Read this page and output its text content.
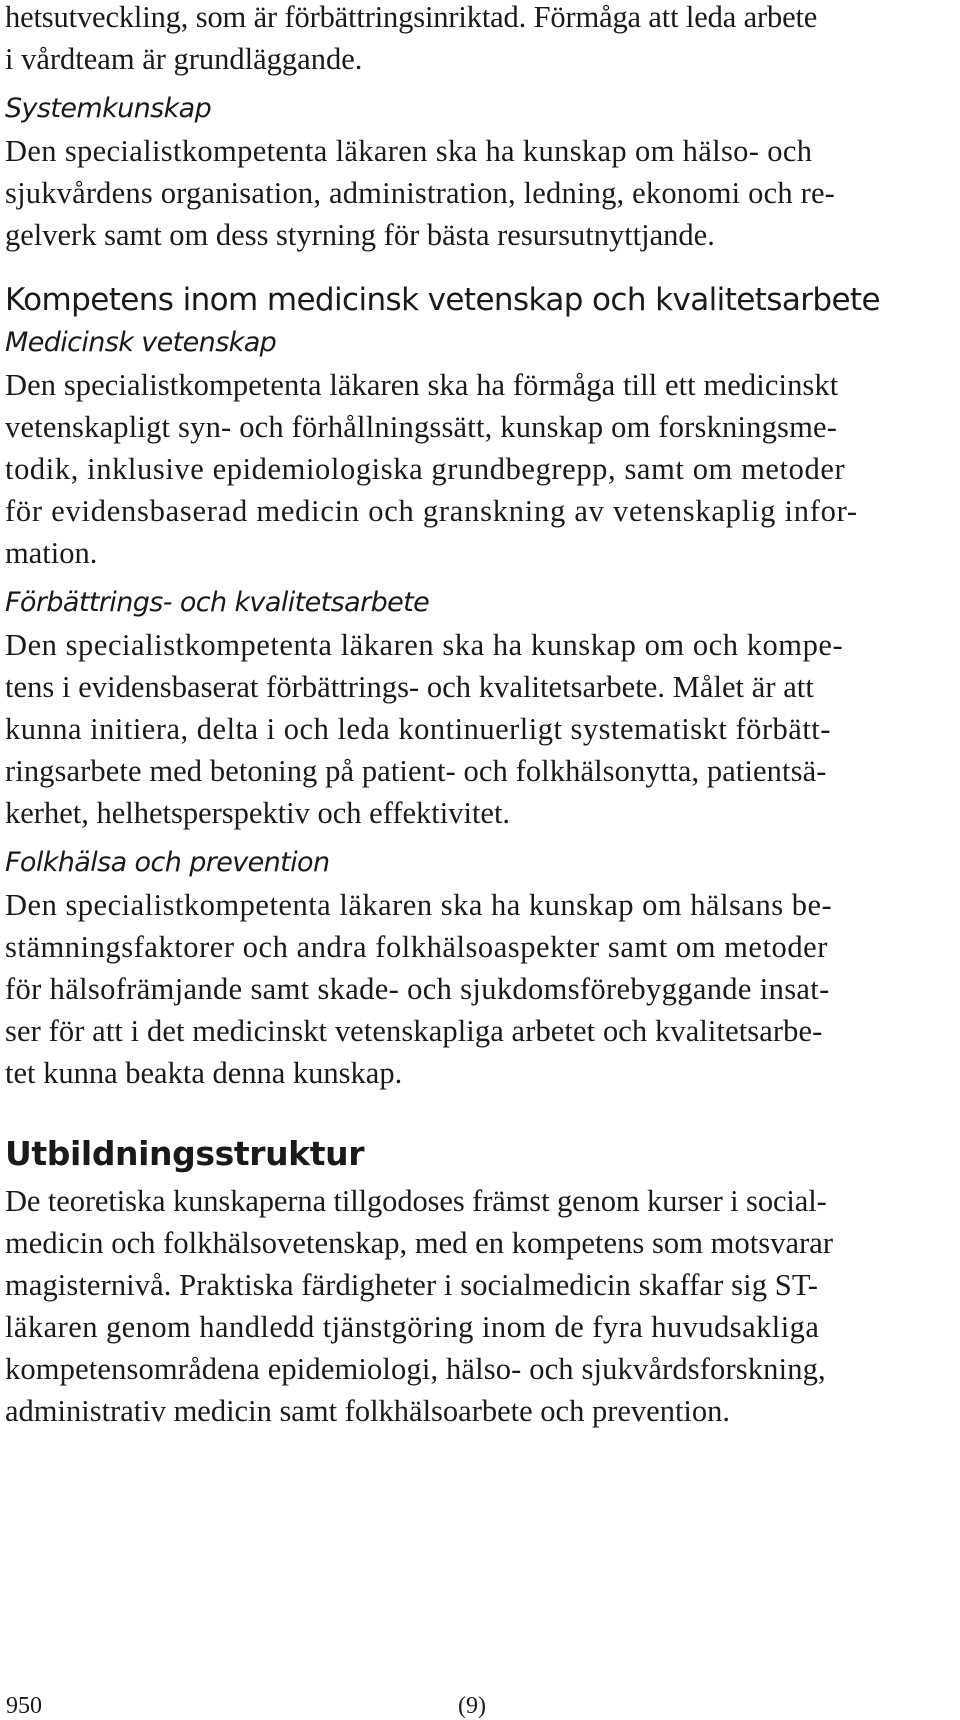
hetsutveckling, som är förbättringsinriktad. Förmåga att leda arbete
i vårdteam är grundläggande.
Systemkunskap
Den specialistkompetenta läkaren ska ha kunskap om hälso- och
sjukvårdens organisation, administration, ledning, ekonomi och re-
gelverk samt om dess styrning för bästa resursutnyttjande.
Kompetens inom medicinsk vetenskap och kvalitetsarbete
Medicinsk vetenskap
Den specialistkompetenta läkaren ska ha förmåga till ett medicinskt
vetenskapligt syn- och förhållningssätt, kunskap om forskningsme-
todik, inklusive epidemiologiska grundbegrepp, samt om metoder
för evidensbaserad medicin och granskning av vetenskaplig infor-
mation.
Förbättrings- och kvalitetsarbete
Den specialistkompetenta läkaren ska ha kunskap om och kompe-
tens i evidensbaserat förbättrings- och kvalitetsarbete. Målet är att
kunna initiera, delta i och leda kontinuerligt systematiskt förbätt-
ringsarbete med betoning på patient- och folkhälsonytta, patientsä-
kerhet, helhetsperspektiv och effektivitet.
Folkhälsa och prevention
Den specialistkompetenta läkaren ska ha kunskap om hälsans be-
stämningsfaktorer och andra folkhälsoaspekter samt om metoder
för hälsofrämjande samt skade- och sjukdomsförebyggande insat-
ser för att i det medicinskt vetenskapliga arbetet och kvalitetsarbe-
tet kunna beakta denna kunskap.
Utbildningsstruktur
De teoretiska kunskaperna tillgodoses främst genom kurser i social-
medicin och folkhälsovetenskap, med en kompetens som motsvarar
magisternivå. Praktiska färdigheter i socialmedicin skaffar sig ST-
läkaren genom handledd tjänstgöring inom de fyra huvudsakliga
kompetensområdena epidemiologi, hälso- och sjukvårdsforskning,
administrativ medicin samt folkhälsoarbete och prevention.
950	(9)
